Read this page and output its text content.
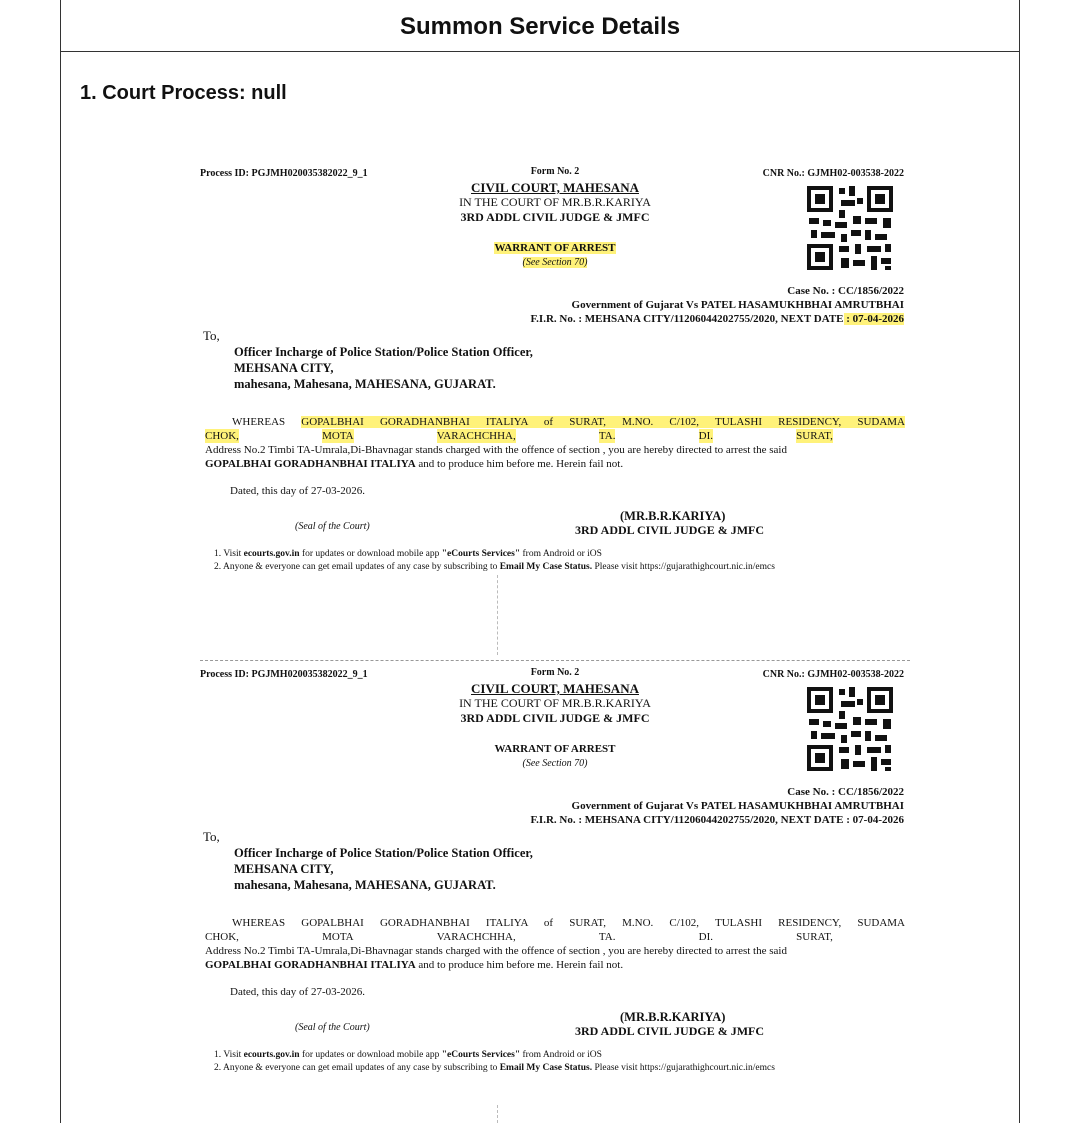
Summon Service Details
1. Court Process: null
Process ID: PGJMH020035382022_9_1	CNR No.: GJMH02-003538-2022
Form No. 2
CIVIL COURT, MAHESANA
IN THE COURT OF MR.B.R.KARIYA
3RD ADDL CIVIL JUDGE & JMFC
WARRANT OF ARREST
(See Section 70)
Case No. : CC/1856/2022
Government of Gujarat Vs PATEL HASAMUKHBHAI AMRUTBHAI
F.I.R. No. : MEHSANA CITY/11206044202755/2020, NEXT DATE : 07-04-2026
To,
Officer Incharge of Police Station/Police Station Officer,
MEHSANA CITY,
mahesana, Mahesana, MAHESANA, GUJARAT.
WHEREAS GOPALBHAI GORADHANBHAI ITALIYA of SURAT, M.NO. C/102, TULASHI RESIDENCY, SUDAMA
CHOK,	MOTA	VARACHCHHA,	TA.	DI.	SURAT,
Address No.2 Timbi TA-Umrala,Di-Bhavnagar stands charged with the offence of section , you are hereby directed to arrest the said
GOPALBHAI GORADHANBHAI ITALIYA and to produce him before me. Herein fail not.
Dated, this day of 27-03-2026.
(MR.B.R.KARIYA)
3RD ADDL CIVIL JUDGE & JMFC
(Seal of the Court)
1. Visit ecourts.gov.in for updates or download mobile app "eCourts Services" from Android or iOS
2. Anyone & everyone can get email updates of any case by subscribing to Email My Case Status. Please visit https://gujarathighcourt.nic.in/emcs
Process ID: PGJMH020035382022_9_1	CNR No.: GJMH02-003538-2022
Form No. 2
CIVIL COURT, MAHESANA
IN THE COURT OF MR.B.R.KARIYA
3RD ADDL CIVIL JUDGE & JMFC
WARRANT OF ARREST
(See Section 70)
Case No. : CC/1856/2022
Government of Gujarat Vs PATEL HASAMUKHBHAI AMRUTBHAI
F.I.R. No. : MEHSANA CITY/11206044202755/2020, NEXT DATE : 07-04-2026
To,
Officer Incharge of Police Station/Police Station Officer,
MEHSANA CITY,
mahesana, Mahesana, MAHESANA, GUJARAT.
WHEREAS GOPALBHAI GORADHANBHAI ITALIYA of SURAT, M.NO. C/102, TULASHI RESIDENCY, SUDAMA
CHOK,	MOTA	VARACHCHHA,	TA.	DI.	SURAT,
Address No.2 Timbi TA-Umrala,Di-Bhavnagar stands charged with the offence of section , you are hereby directed to arrest the said
GOPALBHAI GORADHANBHAI ITALIYA and to produce him before me. Herein fail not.
Dated, this day of 27-03-2026.
(MR.B.R.KARIYA)
3RD ADDL CIVIL JUDGE & JMFC
(Seal of the Court)
1. Visit ecourts.gov.in for updates or download mobile app "eCourts Services" from Android or iOS
2. Anyone & everyone can get email updates of any case by subscribing to Email My Case Status. Please visit https://gujarathighcourt.nic.in/emcs
